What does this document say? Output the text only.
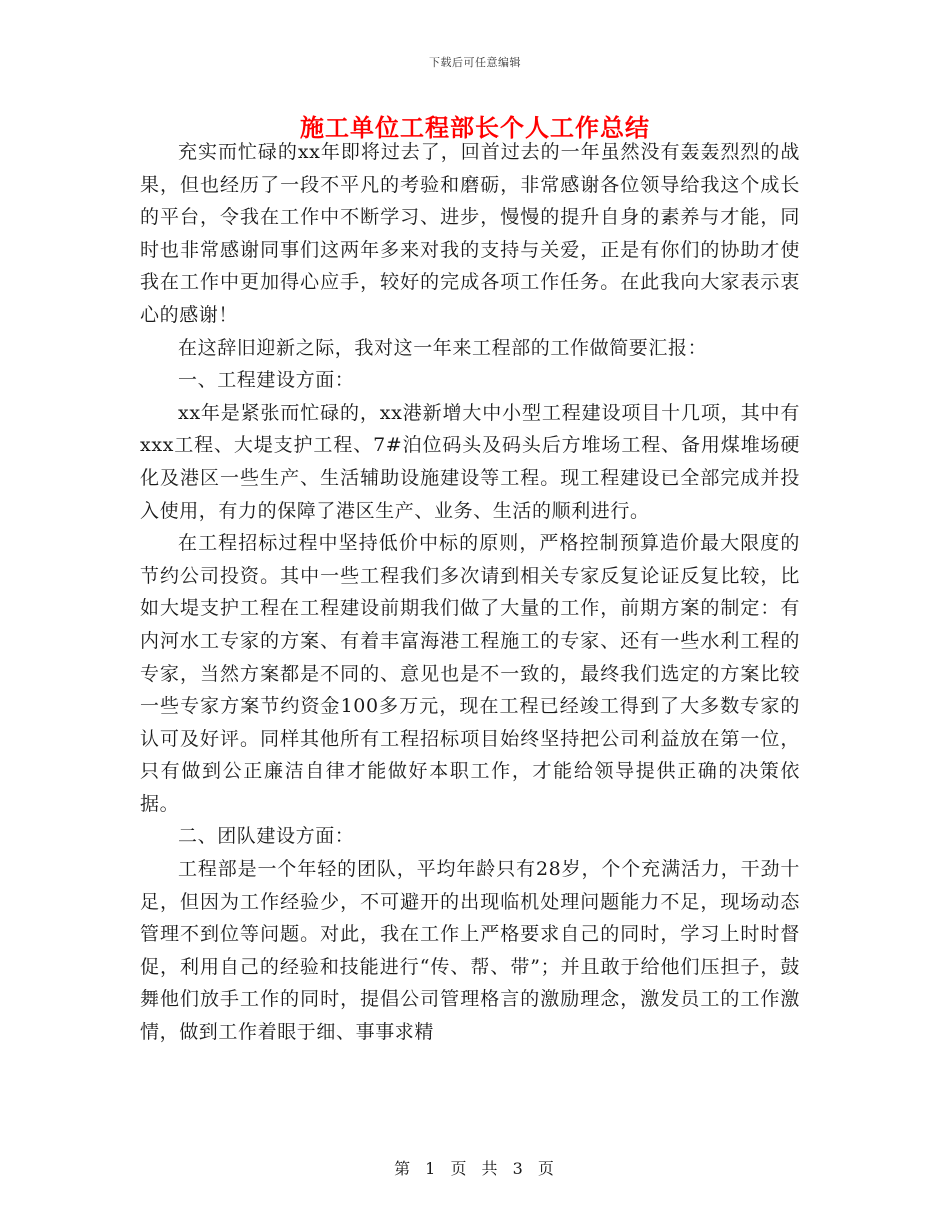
下载后可任意编辑
施工单位工程部长个人工作总结

充实而忙碌的xx年即将过去了，回首过去的一年虽然没有轰轰烈烈的战果，但也经历了一段不平凡的考验和磨砺，非常感谢各位领导给我这个成长的平台，令我在工作中不断学习、进步，慢慢的提升自身的素养与才能，同时也非常感谢同事们这两年多来对我的支持与关爱，正是有你们的协助才使我在工作中更加得心应手，较好的完成各项工作任务。在此我向大家表示衷心的感谢！

在这辞旧迎新之际，我对这一年来工程部的工作做简要汇报：

一、工程建设方面：

xx年是紧张而忙碌的，xx港新增大中小型工程建设项目十几项，其中有xxx工程、大堤支护工程、7#泊位码头及码头后方堆场工程、备用煤堆场硬化及港区一些生产、生活辅助设施建设等工程。现工程建设已全部完成并投入使用，有力的保障了港区生产、业务、生活的顺利进行。

在工程招标过程中坚持低价中标的原则，严格控制预算造价最大限度的节约公司投资。其中一些工程我们多次请到相关专家反复论证反复比较，比如大堤支护工程在工程建设前期我们做了大量的工作，前期方案的制定：有内河水工专家的方案、有着丰富海港工程施工的专家、还有一些水利工程的专家，当然方案都是不同的、意见也是不一致的，最终我们选定的方案比较一些专家方案节约资金100多万元，现在工程已经竣工得到了大多数专家的认可及好评。同样其他所有工程招标项目始终坚持把公司利益放在第一位，只有做到公正廉洁自律才能做好本职工作，才能给领导提供正确的决策依据。

二、团队建设方面：

工程部是一个年轻的团队，平均年龄只有28岁，个个充满活力，干劲十足，但因为工作经验少，不可避开的出现临机处理问题能力不足，现场动态管理不到位等问题。对此，我在工作上严格要求自己的同时，学习上时时督促，利用自己的经验和技能进行“传、帮、带”；并且敢于给他们压担子，鼓舞他们放手工作的同时，提倡公司管理格言的激励理念，激发员工的工作激情，做到工作着眼于细、事事求精

第 1 页 共 3 页
